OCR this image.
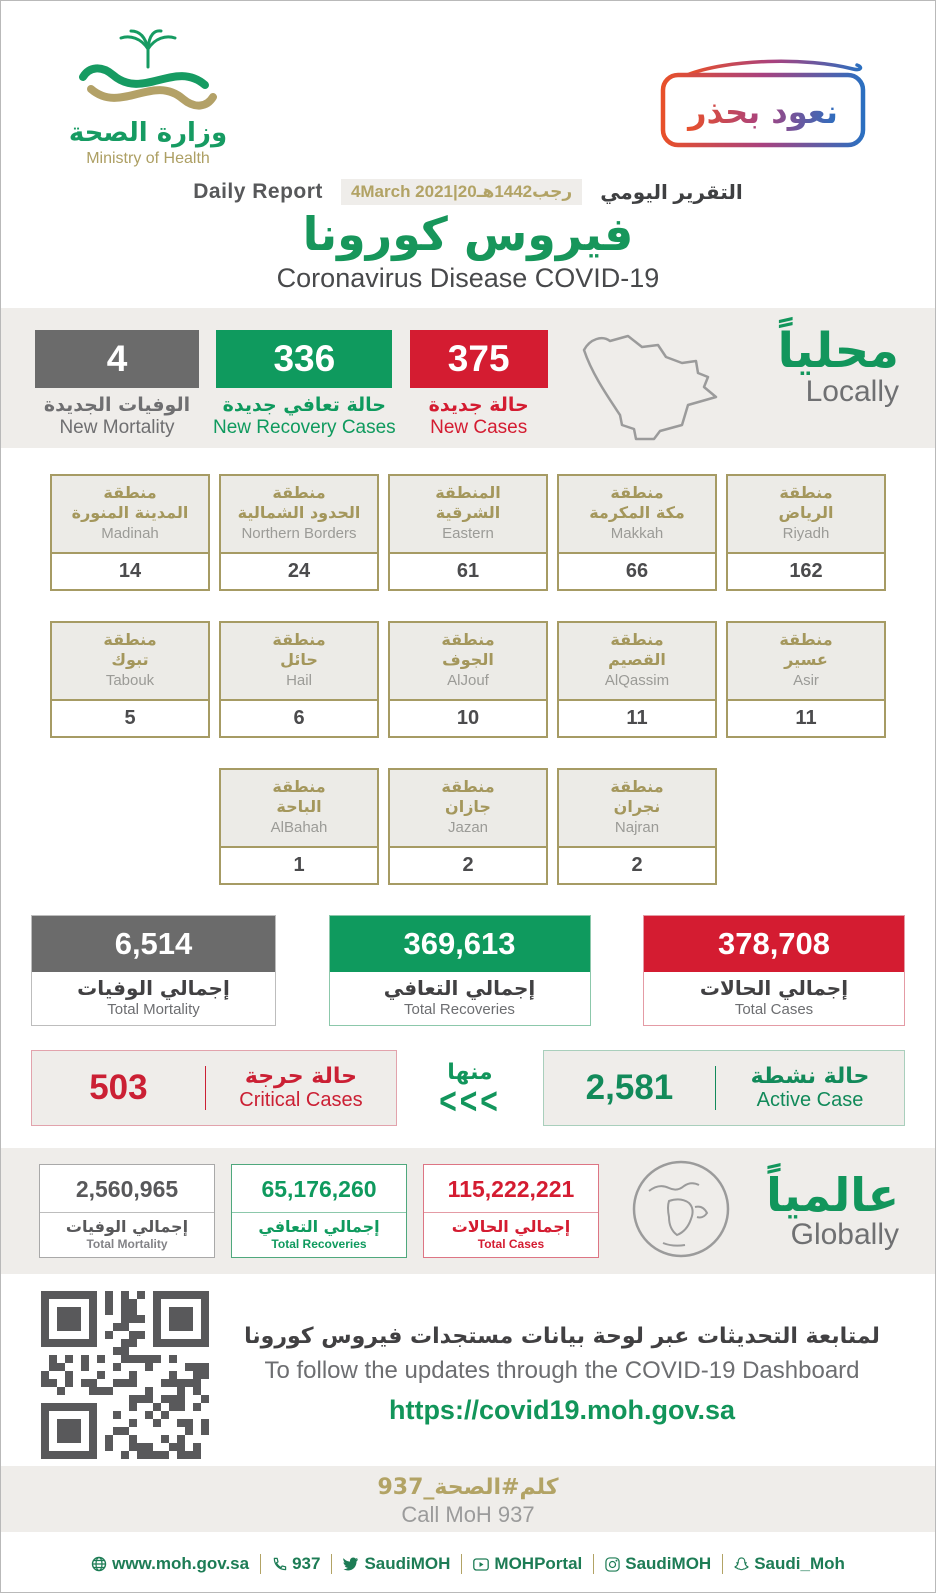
وزارة الصحة
Ministry of Health
نعود بحذر
Daily Report	4March 2021|20رجب1442هـ	التقرير اليومي
فيروس كورونا
Coronavirus Disease COVID-19
4
الوفيات الجديدة
New Mortality
336
حالة تعافي جديدة
New Recovery Cases
375
حالة جديدة
New Cases
محلياً
Locally
منطقة
المدينة المنورة
Madinah
14
منطقة
الحدود الشمالية
Northern Borders
24
المنطقة
الشرقية
Eastern
61
منطقة
مكة المكرمة
Makkah
66
منطقة
الرياض
Riyadh
162
منطقة
تبوك
Tabouk
5
منطقة
حائل
Hail
6
منطقة
الجوف
AlJouf
10
منطقة
القصيم
AlQassim
11
منطقة
عسير
Asir
11
منطقة
الباحة
AlBahah
1
منطقة
جازان
Jazan
2
منطقة
نجران
Najran
2
6,514
إجمالي الوفيات
Total Mortality
369,613
إجمالي التعافي
Total Recoveries
378,708
إجمالي الحالات
Total Cases
503	حالة حرجة
Critical Cases
منها
<<<	2,581	حالة نشطة
Active Case
2,560,965
إجمالي الوفيات
Total Mortality
65,176,260
إجمالي التعافي
Total Recoveries
115,222,221
إجمالي الحالات
Total Cases
عالمياً
Globally
لمتابعة التحديثات عبر لوحة بيانات مستجدات فيروس كورونا
To follow the updates through the COVID-19 Dashboard
https://covid19.moh.gov.sa
كلم#الصحة_937
Call MoH 937
www.moh.gov.sa	937	SaudiMOH	MOHPortal	SaudiMOH	Saudi_Moh
